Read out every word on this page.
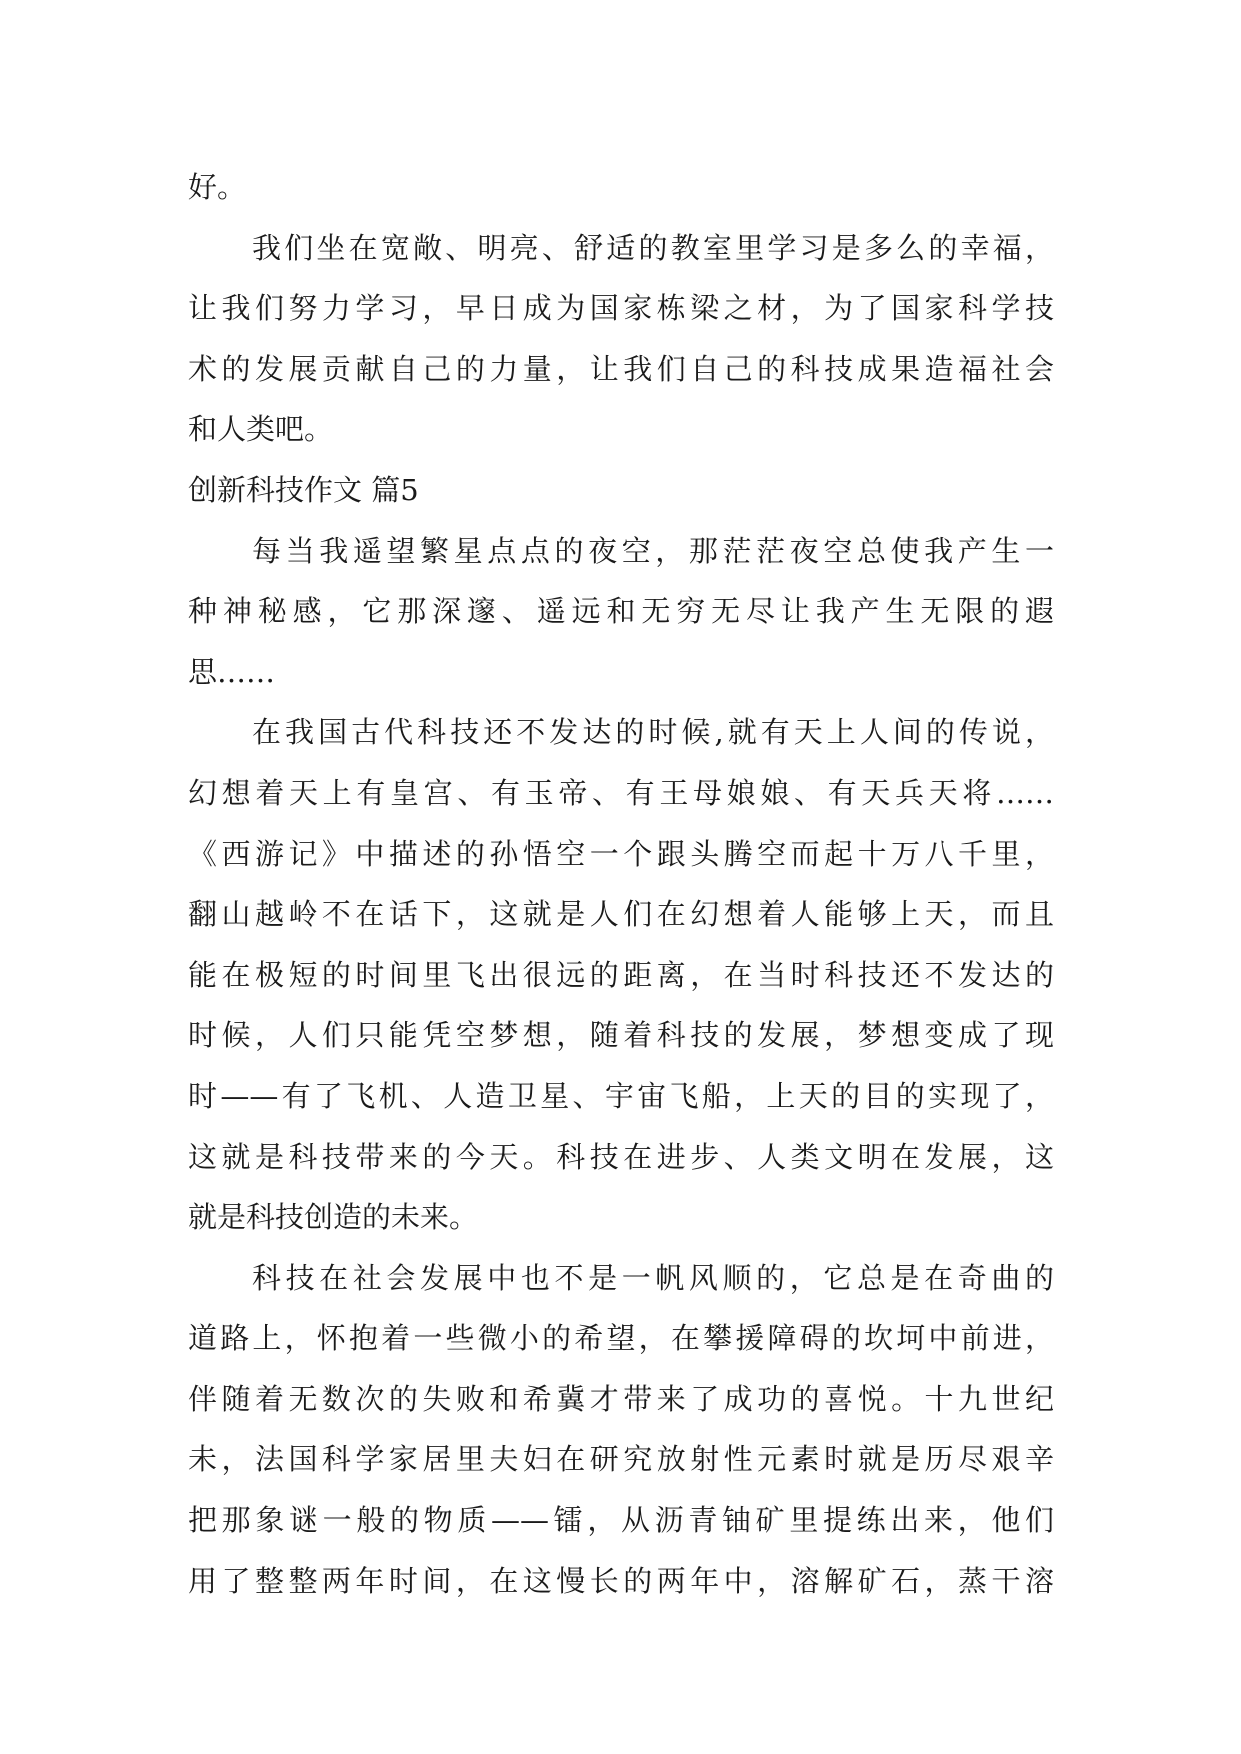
好。
我们坐在宽敞、明亮、舒适的教室里学习是多么的幸福，
让我们努力学习，早日成为国家栋梁之材，为了国家科学技
术的发展贡献自己的力量，让我们自己的科技成果造福社会
和人类吧。
创新科技作文 篇5
每当我遥望繁星点点的夜空，那茫茫夜空总使我产生一
种神秘感，它那深邃、遥远和无穷无尽让我产生无限的遐
思……
在我国古代科技还不发达的时候,就有天上人间的传说，
幻想着天上有皇宫、有玉帝、有王母娘娘、有天兵天将……
《西游记》中描述的孙悟空一个跟头腾空而起十万八千里，
翻山越岭不在话下，这就是人们在幻想着人能够上天，而且
能在极短的时间里飞出很远的距离，在当时科技还不发达的
时候，人们只能凭空梦想，随着科技的发展，梦想变成了现
时——有了飞机、人造卫星、宇宙飞船，上天的目的实现了，
这就是科技带来的今天。科技在进步、人类文明在发展，这
就是科技创造的未来。
科技在社会发展中也不是一帆风顺的，它总是在奇曲的
道路上，怀抱着一些微小的希望，在攀援障碍的坎坷中前进，
伴随着无数次的失败和希冀才带来了成功的喜悦。十九世纪
未，法国科学家居里夫妇在研究放射性元素时就是历尽艰辛
把那象谜一般的物质——镭，从沥青铀矿里提练出来，他们
用了整整两年时间，在这慢长的两年中，溶解矿石，蒸干溶
